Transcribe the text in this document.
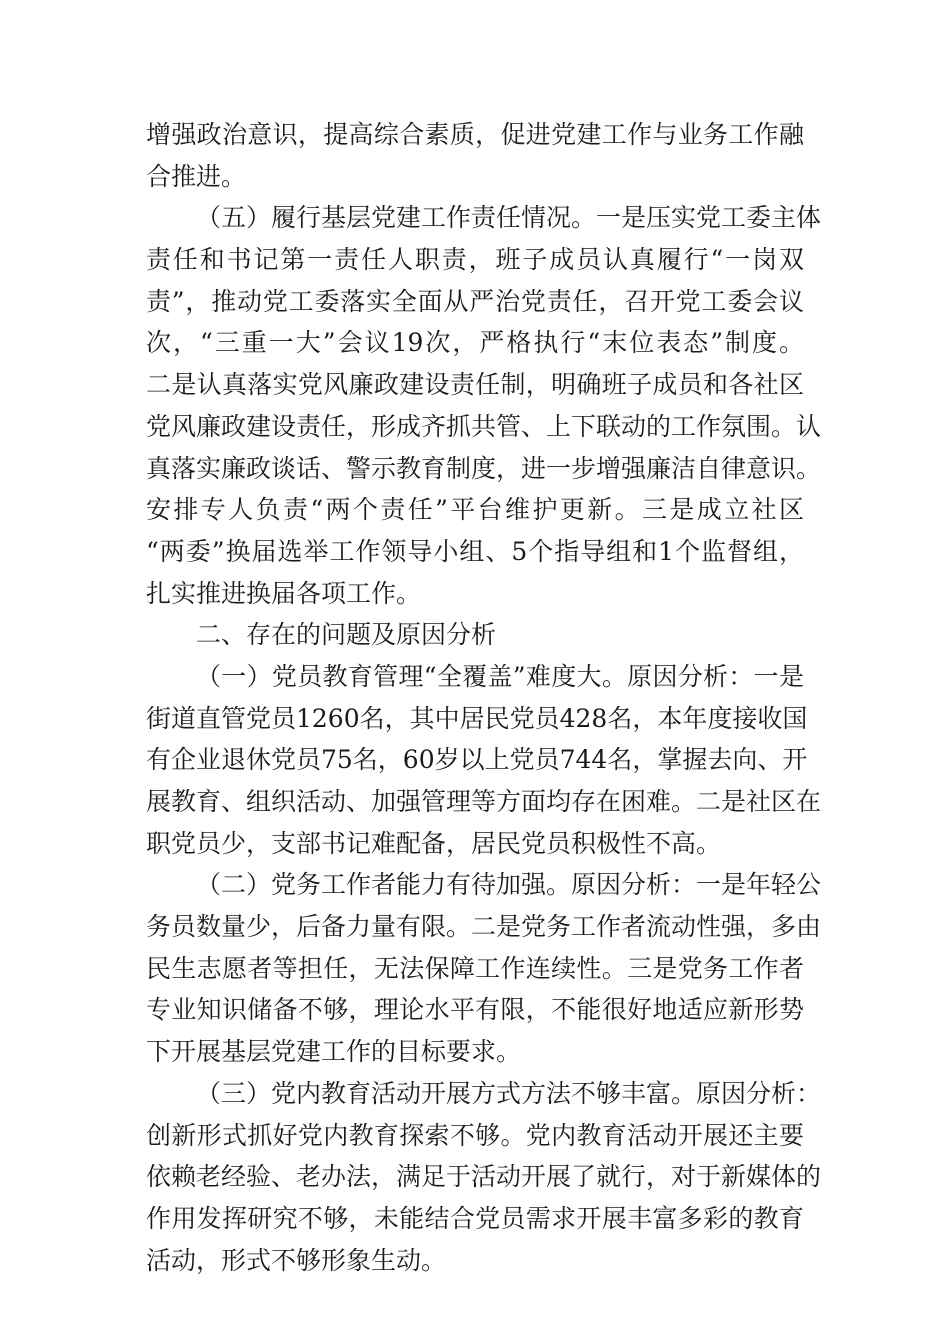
增强政治意识，提高综合素质，促进党建工作与业务工作融
合推进。
（五）履行基层党建工作责任情况。一是压实党工委主体
责任和书记第一责任人职责，班子成员认真履行“一岗双
责”，推动党工委落实全面从严治党责任，召开党工委会议
次，“三重一大”会议19次，严格执行“末位表态”制度。
二是认真落实党风廉政建设责任制，明确班子成员和各社区
党风廉政建设责任，形成齐抓共管、上下联动的工作氛围。认
真落实廉政谈话、警示教育制度，进一步增强廉洁自律意识。
安排专人负责“两个责任”平台维护更新。三是成立社区
“两委”换届选举工作领导小组、5个指导组和1个监督组，
扎实推进换届各项工作。
二、存在的问题及原因分析
（一）党员教育管理“全覆盖”难度大。原因分析：一是
街道直管党员1260名，其中居民党员428名，本年度接收国
有企业退休党员75名，60岁以上党员744名，掌握去向、开
展教育、组织活动、加强管理等方面均存在困难。二是社区在
职党员少，支部书记难配备，居民党员积极性不高。
（二）党务工作者能力有待加强。原因分析：一是年轻公
务员数量少，后备力量有限。二是党务工作者流动性强，多由
民生志愿者等担任，无法保障工作连续性。三是党务工作者
专业知识储备不够，理论水平有限，不能很好地适应新形势
下开展基层党建工作的目标要求。
（三）党内教育活动开展方式方法不够丰富。原因分析：
创新形式抓好党内教育探索不够。党内教育活动开展还主要
依赖老经验、老办法，满足于活动开展了就行，对于新媒体的
作用发挥研究不够，未能结合党员需求开展丰富多彩的教育
活动，形式不够形象生动。
